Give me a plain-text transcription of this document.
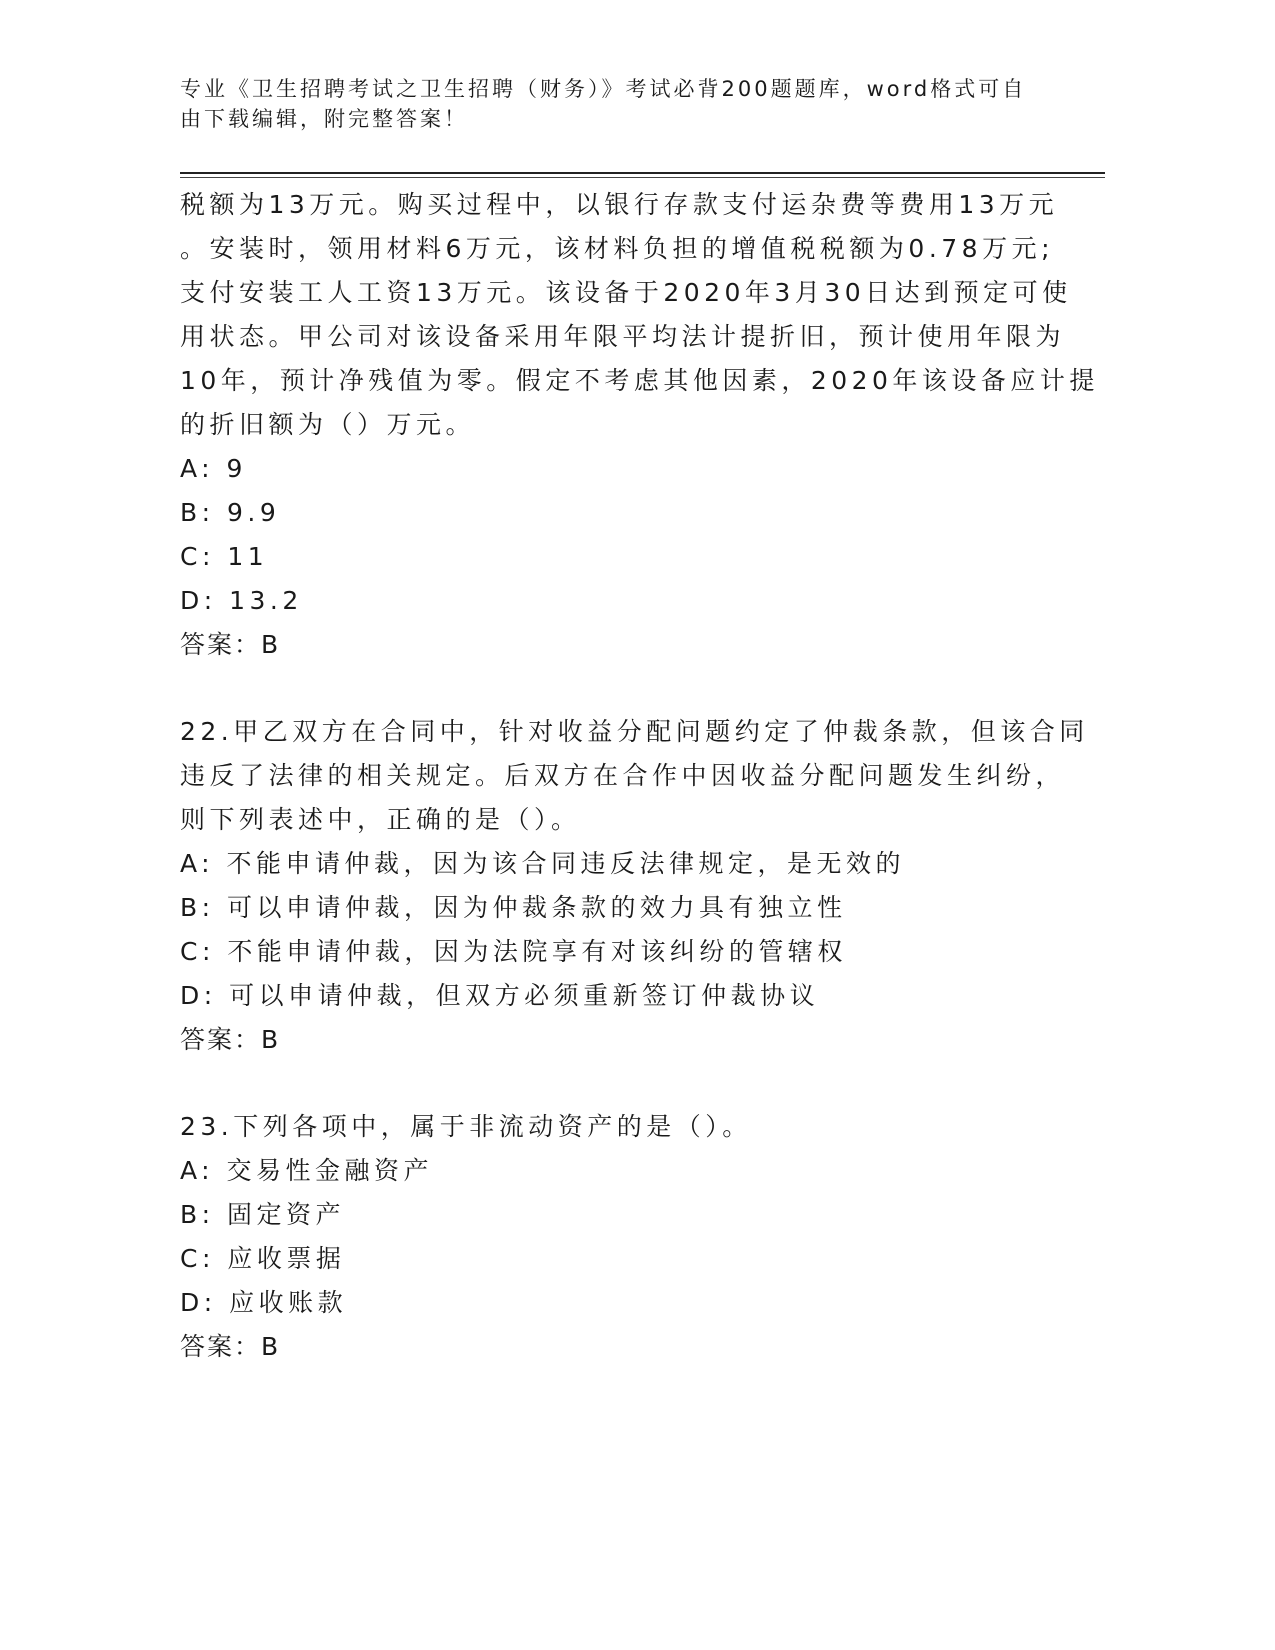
专业《卫生招聘考试之卫生招聘（财务）》考试必背200题题库，word格式可自
由下载编辑，附完整答案！
税额为13万元。购买过程中，以银行存款支付运杂费等费用13万元
。安装时，领用材料6万元，该材料负担的增值税税额为0.78万元;
支付安装工人工资13万元。该设备于2020年3月30日达到预定可使
用状态。甲公司对该设备采用年限平均法计提折旧，预计使用年限为
10年，预计净残值为零。假定不考虑其他因素，2020年该设备应计提
的折旧额为（）万元。
A: 9
B: 9.9
C: 11
D: 13.2
答案：B
22.甲乙双方在合同中，针对收益分配问题约定了仲裁条款，但该合同
违反了法律的相关规定。后双方在合作中因收益分配问题发生纠纷，
则下列表述中，正确的是（）。
A: 不能申请仲裁，因为该合同违反法律规定，是无效的
B: 可以申请仲裁，因为仲裁条款的效力具有独立性
C: 不能申请仲裁，因为法院享有对该纠纷的管辖权
D: 可以申请仲裁，但双方必须重新签订仲裁协议
答案：B
23.下列各项中，属于非流动资产的是（）。
A: 交易性金融资产
B: 固定资产
C: 应收票据
D: 应收账款
答案：B
